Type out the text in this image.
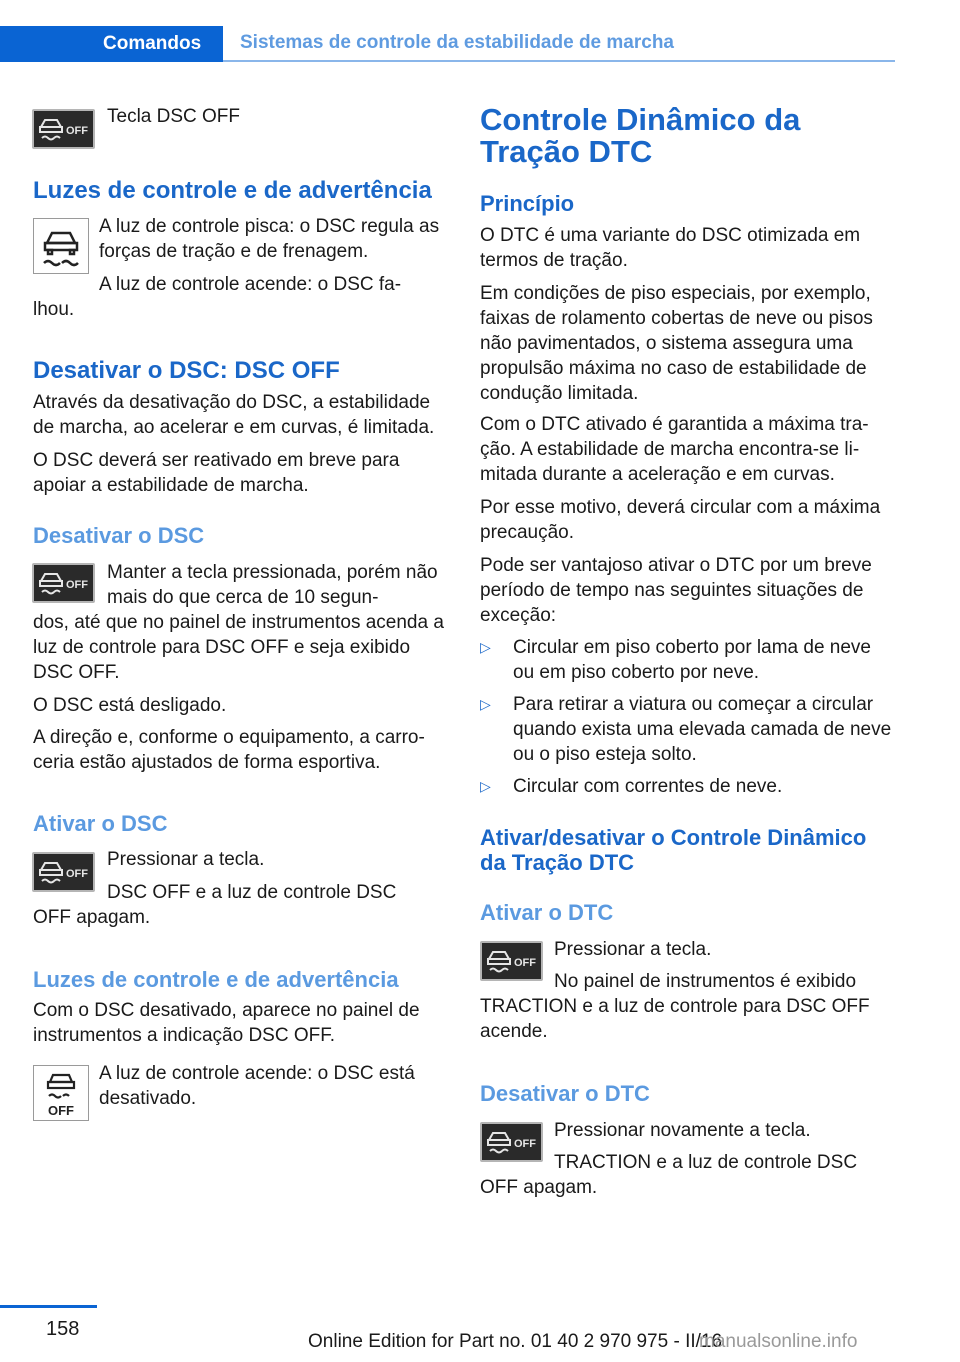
Comandos	Sistemas de controle da estabilidade de marcha
OFF

Tecla DSC OFF

Luzes de controle e de advertência

A luz de controle pisca: o DSC regula as forças de tração e de frenagem.

A luz de controle acende: o DSC fa-

lhou.

Desativar o DSC: DSC OFF

Através da desativação do DSC, a estabilidade de marcha, ao acelerar e em curvas, é limitada.

O DSC deverá ser reativado em breve para apoiar a estabilidade de marcha.

Desativar o DSC
OFF

Manter a tecla pressionada, porém não mais do que cerca de 10 segun-

dos, até que no painel de instrumentos acenda a luz de controle para DSC OFF e seja exibido DSC OFF.

O DSC está desligado.

A direção e, conforme o equipamento, a carroceria estão ajustados de forma esportiva.

Ativar o DSC
OFF

Pressionar a tecla.

DSC OFF e a luz de controle DSC

OFF apagam.

Luzes de controle e de advertência

Com o DSC desativado, aparece no painel de instrumentos a indicação DSC OFF.

OFF

A luz de controle acende: o DSC está desativado.

Controle Dinâmico da Tração DTC
Princípio

O DTC é uma variante do DSC otimizada em termos de tração.

Em condições de piso especiais, por exemplo, faixas de rolamento cobertas de neve ou pisos não pavimentados, o sistema assegura uma propulsão máxima no caso de estabilidade de condução limitada.

Com o DTC ativado é garantida a máxima tração. A estabilidade de marcha encontra-se limitada durante a aceleração e em curvas.

Por esse motivo, deverá circular com a máxima precaução.

Pode ser vantajoso ativar o DTC por um breve período de tempo nas seguintes situações de exceção:

▷ Circular em piso coberto por lama de neve ou em piso coberto por neve.

▷ Para retirar a viatura ou começar a circular quando exista uma elevada camada de neve ou o piso esteja solto.

▷ Circular com correntes de neve.

Ativar/desativar o Controle Dinâmico da Tração DTC
Ativar o DTC
OFF

Pressionar a tecla.

No painel de instrumentos é exibido

TRACTION e a luz de controle para DSC OFF acende.

Desativar o DTC
OFF

Pressionar novamente a tecla.

TRACTION e a luz de controle DSC

OFF apagam.

158
Online Edition for Part no. 01 40 2 970 975 - II/16
manualsonline.info
